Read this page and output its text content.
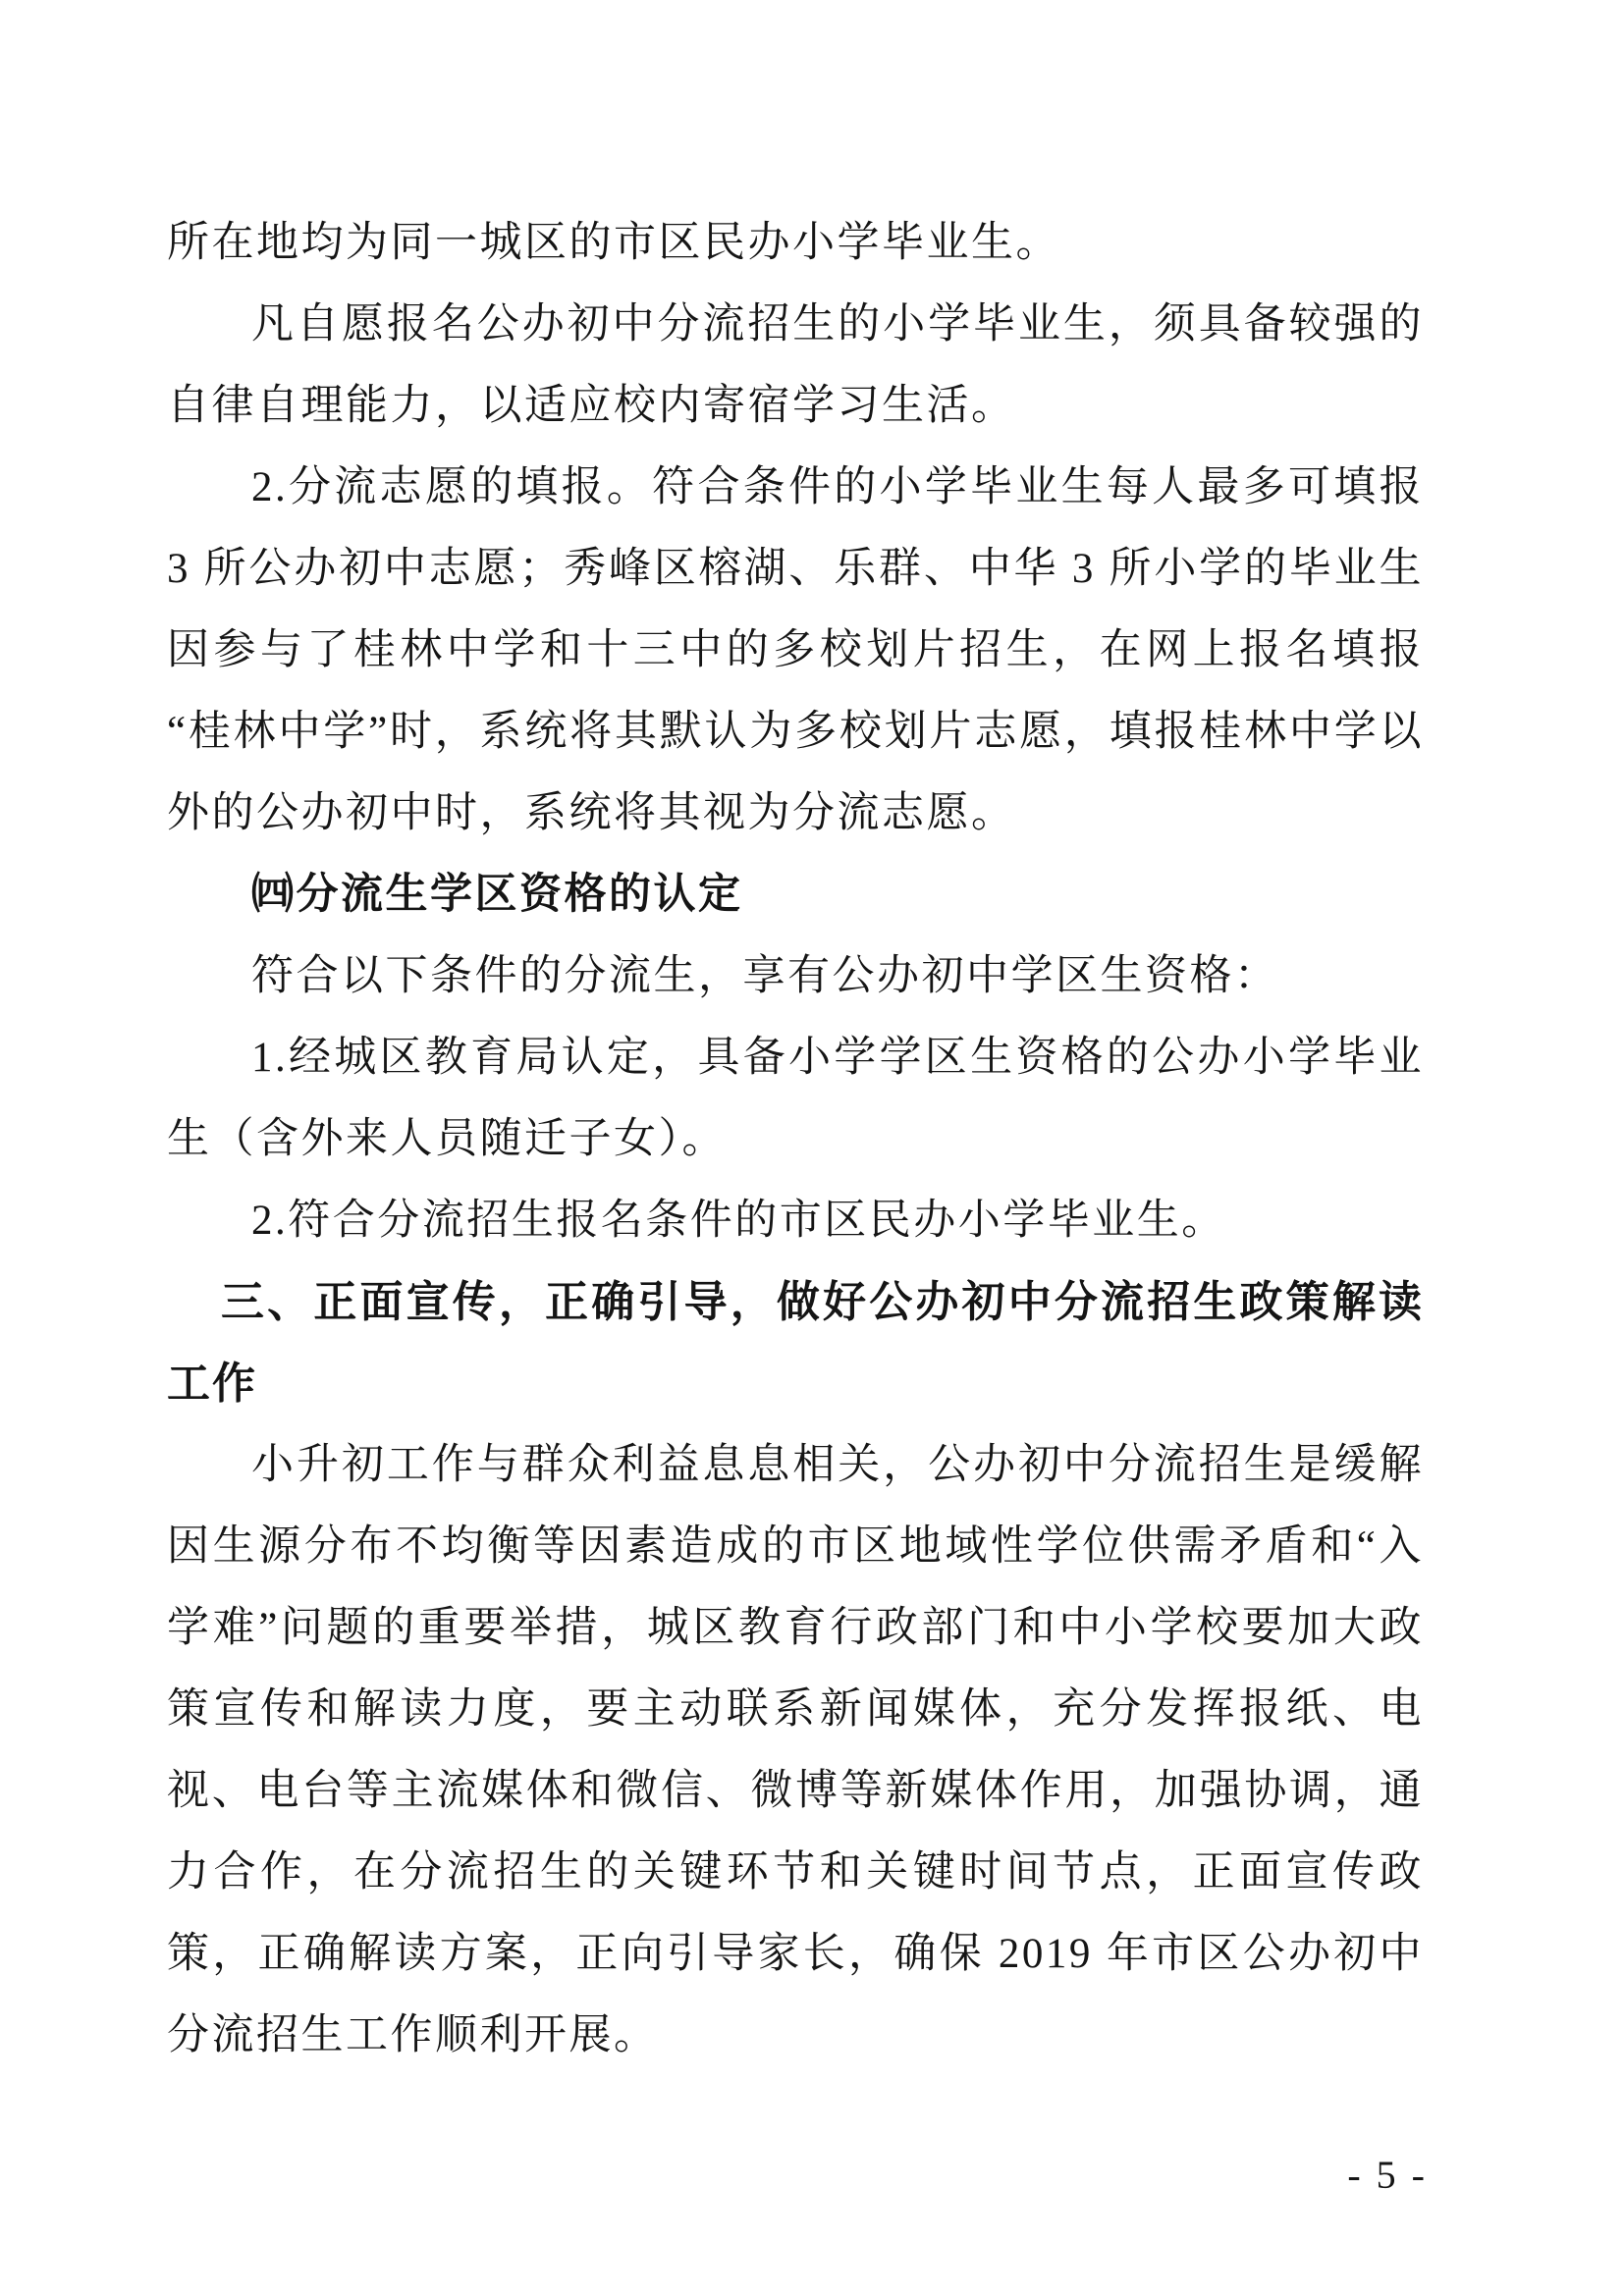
所在地均为同一城区的市区民办小学毕业生。

凡自愿报名公办初中分流招生的小学毕业生，须具备较强的自律自理能力，以适应校内寄宿学习生活。

2.分流志愿的填报。符合条件的小学毕业生每人最多可填报 3 所公办初中志愿；秀峰区榕湖、乐群、中华 3 所小学的毕业生因参与了桂林中学和十三中的多校划片招生，在网上报名填报“桂林中学”时，系统将其默认为多校划片志愿，填报桂林中学以外的公办初中时，系统将其视为分流志愿。

㈣分流生学区资格的认定

符合以下条件的分流生，享有公办初中学区生资格：

1.经城区教育局认定，具备小学学区生资格的公办小学毕业生（含外来人员随迁子女）。

2.符合分流招生报名条件的市区民办小学毕业生。

三、正面宣传，正确引导，做好公办初中分流招生政策解读工作

小升初工作与群众利益息息相关，公办初中分流招生是缓解因生源分布不均衡等因素造成的市区地域性学位供需矛盾和“入学难”问题的重要举措，城区教育行政部门和中小学校要加大政策宣传和解读力度，要主动联系新闻媒体，充分发挥报纸、电视、电台等主流媒体和微信、微博等新媒体作用，加强协调，通力合作，在分流招生的关键环节和关键时间节点，正面宣传政策，正确解读方案，正向引导家长，确保 2019 年市区公办初中分流招生工作顺利开展。

- 5 -
